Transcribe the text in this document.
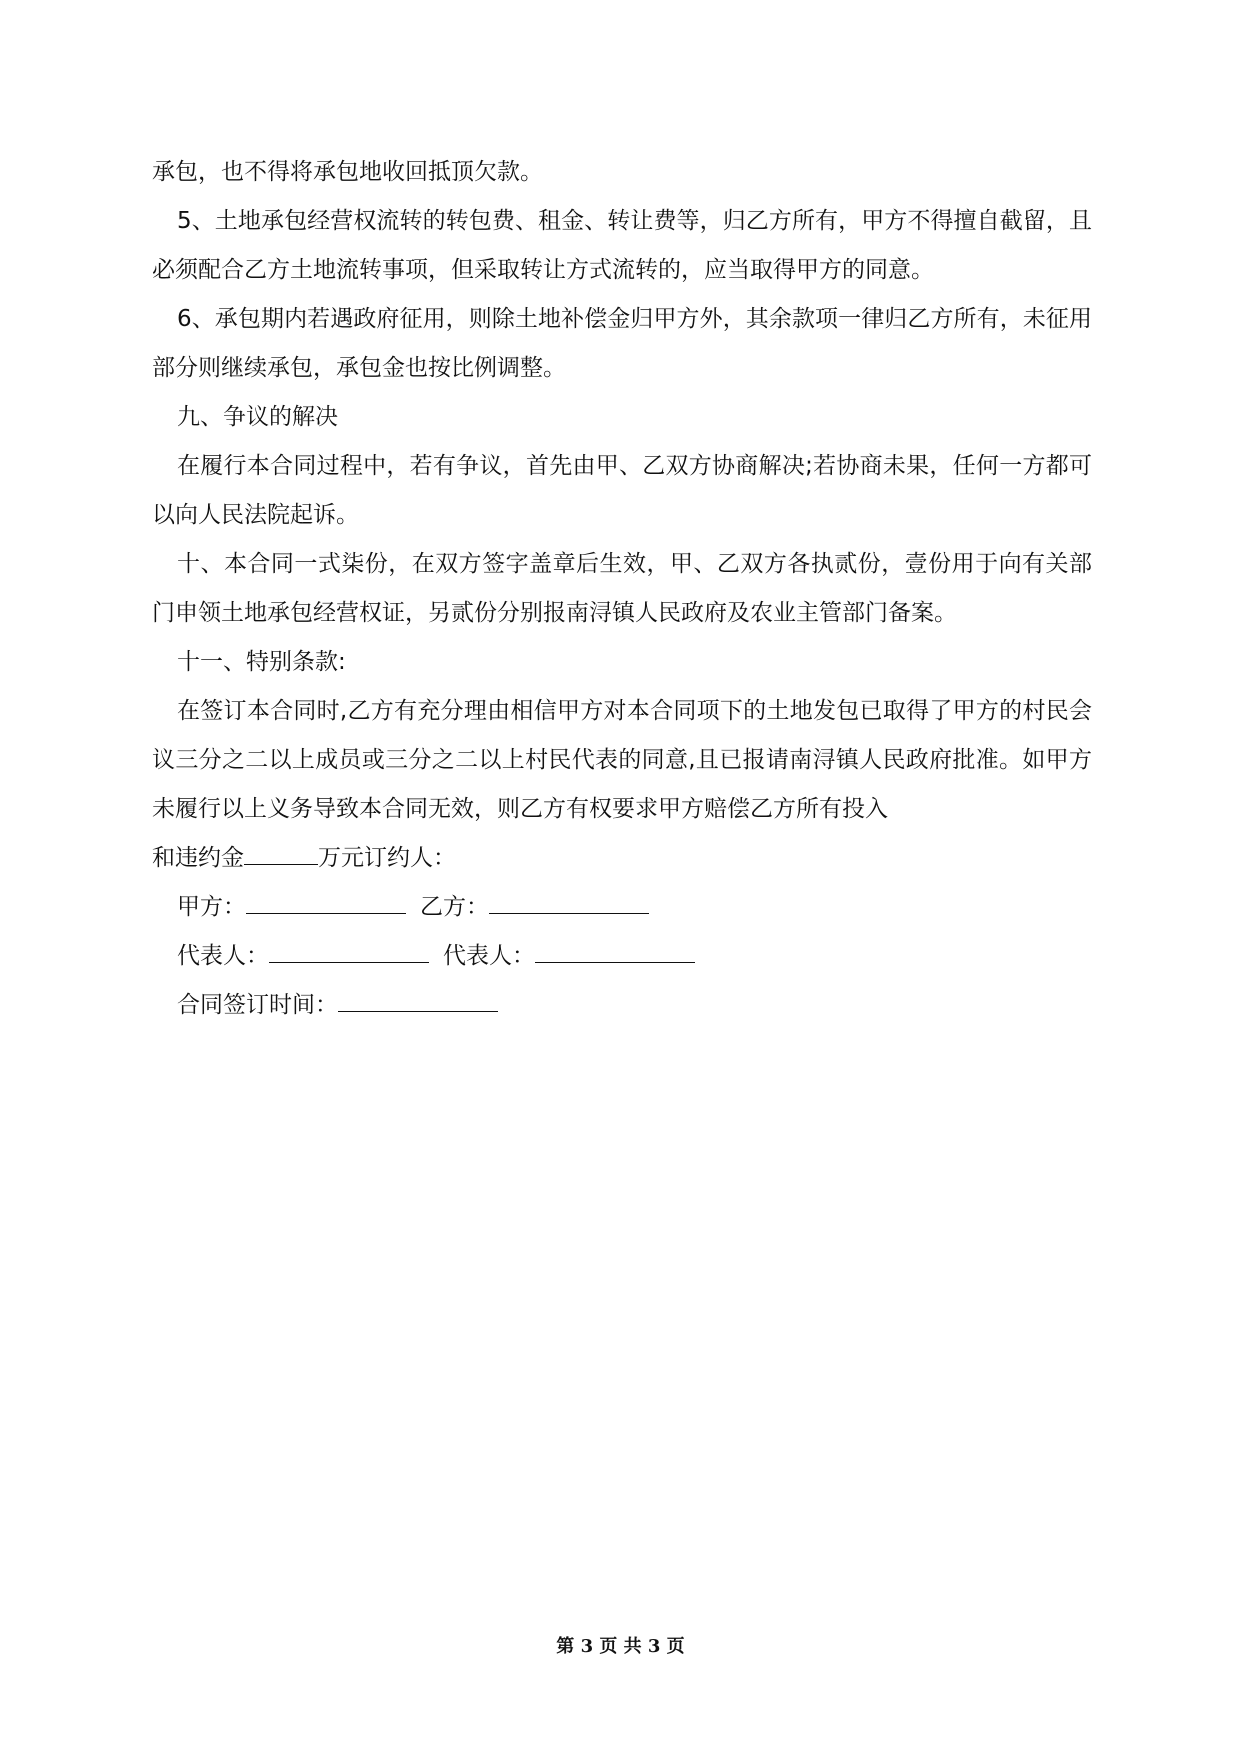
承包，也不得将承包地收回抵顶欠款。

5、土地承包经营权流转的转包费、租金、转让费等，归乙方所有，甲方不得擅自截留，且必须配合乙方土地流转事项，但采取转让方式流转的，应当取得甲方的同意。

6、承包期内若遇政府征用，则除土地补偿金归甲方外，其余款项一律归乙方所有，未征用部分则继续承包，承包金也按比例调整。

九、争议的解决

在履行本合同过程中，若有争议，首先由甲、乙双方协商解决;若协商未果，任何一方都可以向人民法院起诉。

十、本合同一式柒份，在双方签字盖章后生效，甲、乙双方各执贰份，壹份用于向有关部门申领土地承包经营权证，另贰份分别报南浔镇人民政府及农业主管部门备案。

十一、特别条款:

在签订本合同时,乙方有充分理由相信甲方对本合同项下的土地发包已取得了甲方的村民会议三分之二以上成员或三分之二以上村民代表的同意,且已报请南浔镇人民政府批准。如甲方未履行以上义务导致本合同无效，则乙方有权要求甲方赔偿乙方所有投入

和违约金	万元订约人：

甲方：	乙方：

代表人：	代表人：

合同签订时间：

第 3 页 共 3 页
